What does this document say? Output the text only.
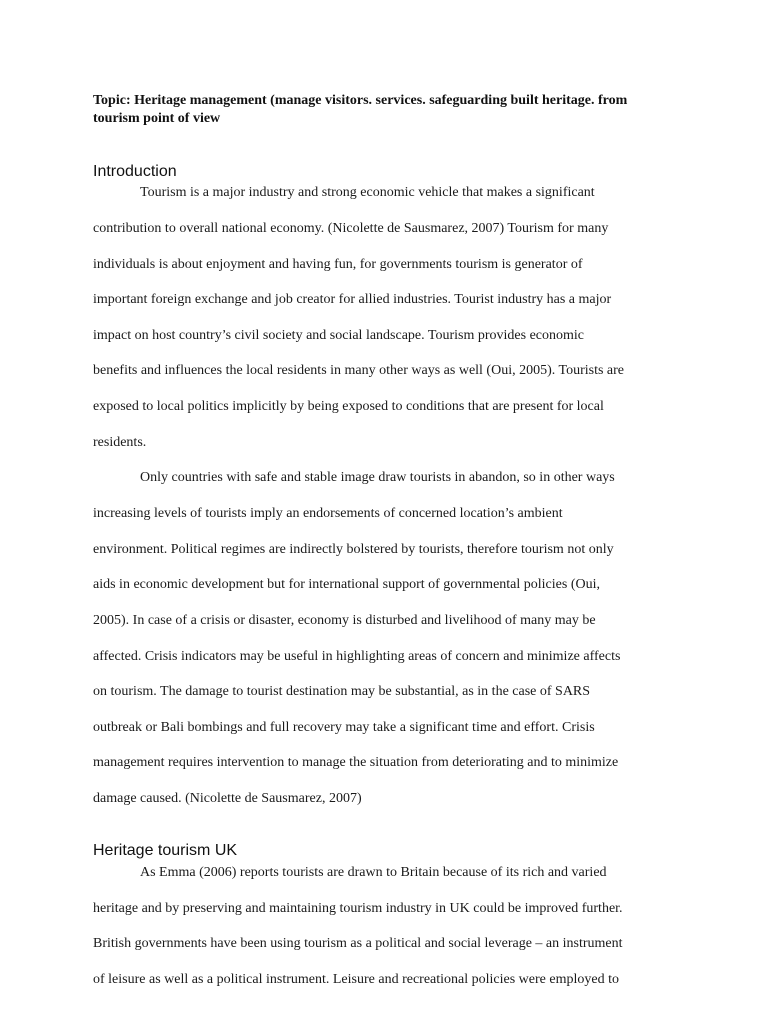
Topic: Heritage management (manage visitors. services. safeguarding built heritage. from
tourism point of view
Introduction
Tourism is a major industry and strong economic vehicle that makes a significant
contribution to overall national economy. (Nicolette de Sausmarez, 2007) Tourism for many
individuals is about enjoyment and having fun, for governments tourism is generator of
important foreign exchange and job creator for allied industries. Tourist industry has a major
impact on host country’s civil society and social landscape. Tourism provides economic
benefits and influences the local residents in many other ways as well (Oui, 2005). Tourists are
exposed to local politics implicitly by being exposed to conditions that are present for local
residents.
Only countries with safe and stable image draw tourists in abandon, so in other ways
increasing levels of tourists imply an endorsements of concerned location’s ambient
environment. Political regimes are indirectly bolstered by tourists, therefore tourism not only
aids in economic development but for international support of governmental policies (Oui,
2005). In case of a crisis or disaster, economy is disturbed and livelihood of many may be
affected. Crisis indicators may be useful in highlighting areas of concern and minimize affects
on tourism. The damage to tourist destination may be substantial, as in the case of SARS
outbreak or Bali bombings and full recovery may take a significant time and effort. Crisis
management requires intervention to manage the situation from deteriorating and to minimize
damage caused. (Nicolette de Sausmarez, 2007)
Heritage tourism UK
As Emma (2006) reports tourists are drawn to Britain because of its rich and varied
heritage and by preserving and maintaining tourism industry in UK could be improved further.
British governments have been using tourism as a political and social leverage – an instrument
of leisure as well as a political instrument. Leisure and recreational policies were employed to
